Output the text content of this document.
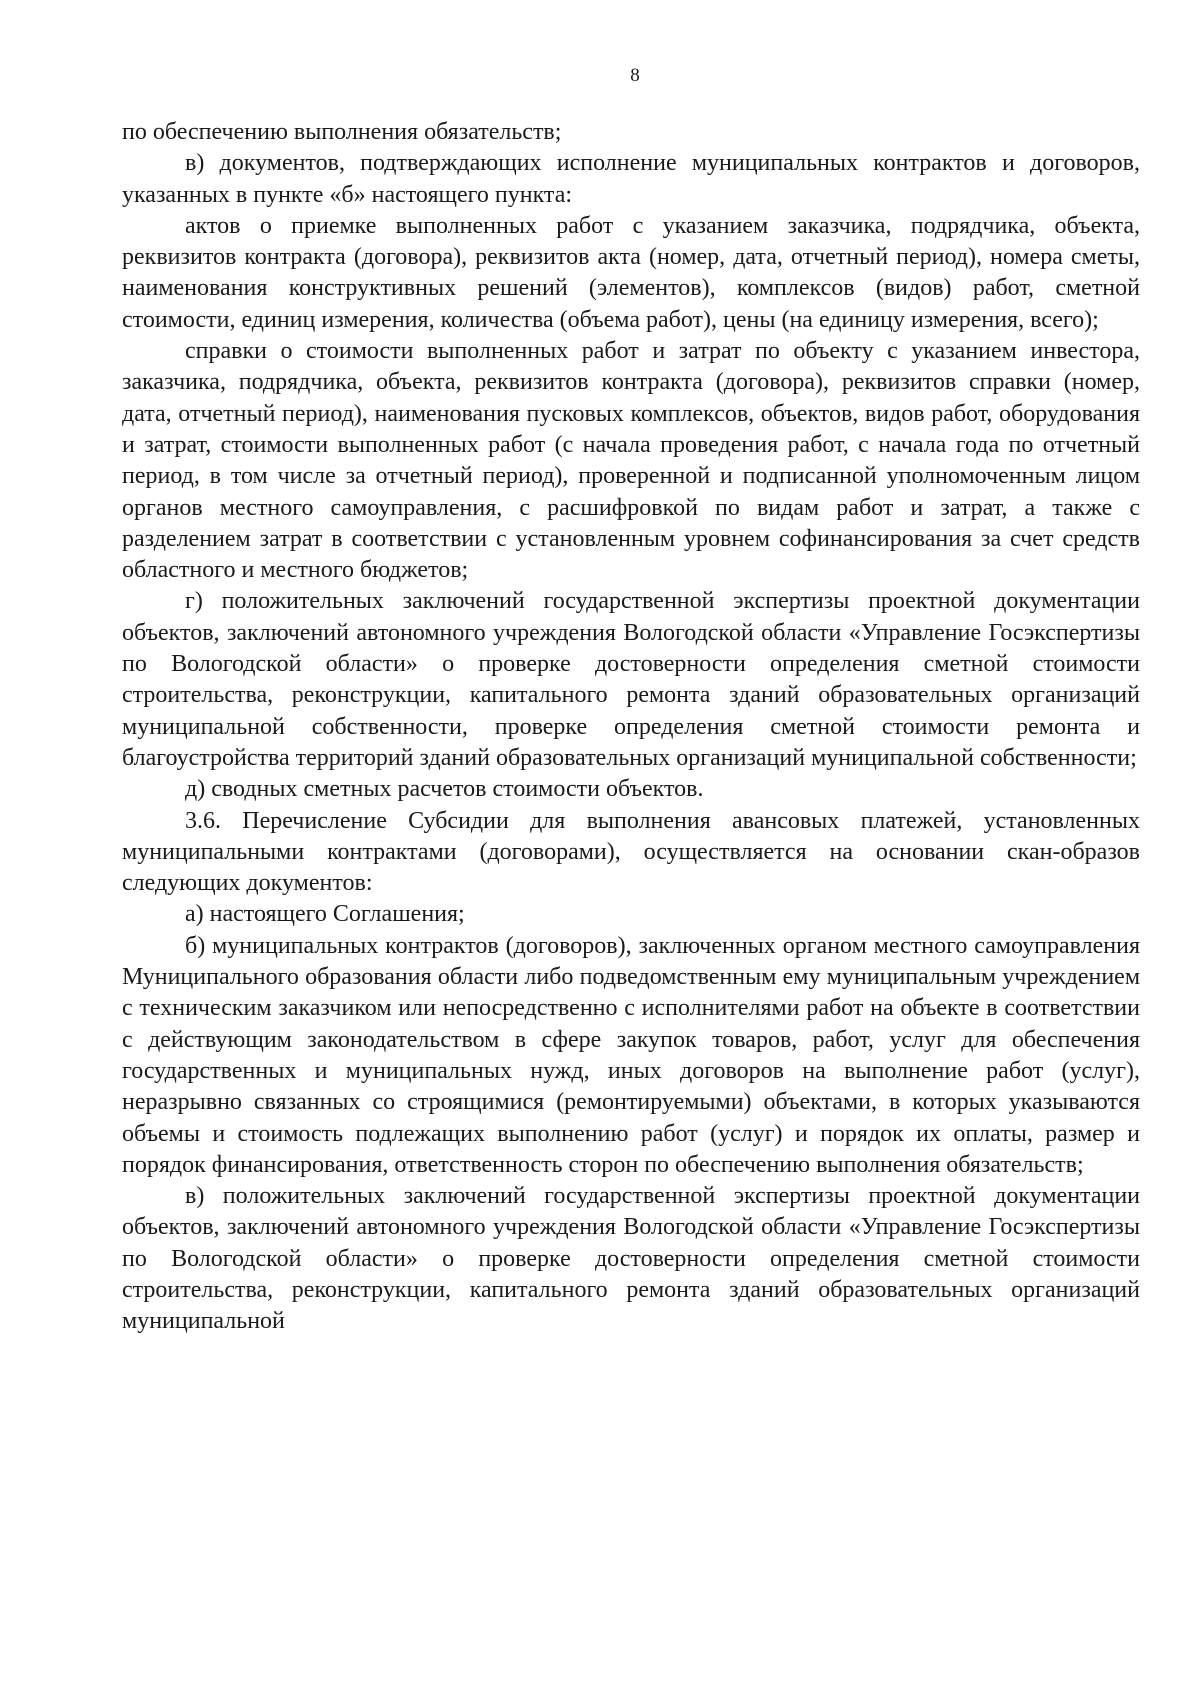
8

по обеспечению выполнения обязательств;

в) документов, подтверждающих исполнение муниципальных контрактов и договоров, указанных в пункте «б» настоящего пункта:

актов о приемке выполненных работ с указанием заказчика, подрядчика, объекта, реквизитов контракта (договора), реквизитов акта (номер, дата, отчетный период), номера сметы, наименования конструктивных решений (элементов), комплексов (видов) работ, сметной стоимости, единиц измерения, количества (объема работ), цены (на единицу измерения, всего);

справки о стоимости выполненных работ и затрат по объекту с указанием инвестора, заказчика, подрядчика, объекта, реквизитов контракта (договора), реквизитов справки (номер, дата, отчетный период), наименования пусковых комплексов, объектов, видов работ, оборудования и затрат, стоимости выполненных работ (с начала проведения работ, с начала года по отчетный период, в том числе за отчетный период), проверенной и подписанной уполномоченным лицом органов местного самоуправления, с расшифровкой по видам работ и затрат, а также с разделением затрат в соответствии с установленным уровнем софинансирования за счет средств областного и местного бюджетов;

г) положительных заключений государственной экспертизы проектной документации объектов, заключений автономного учреждения Вологодской области «Управление Госэкспертизы по Вологодской области» о проверке достоверности определения сметной стоимости строительства, реконструкции, капитального ремонта зданий образовательных организаций муниципальной собственности, проверке определения сметной стоимости ремонта и благоустройства территорий зданий образовательных организаций муниципальной собственности;

д) сводных сметных расчетов стоимости объектов.

3.6. Перечисление Субсидии для выполнения авансовых платежей, установленных муниципальными контрактами (договорами), осуществляется на основании скан-образов следующих документов:

а) настоящего Соглашения;

б) муниципальных контрактов (договоров), заключенных органом местного самоуправления Муниципального образования области либо подведомственным ему муниципальным учреждением с техническим заказчиком или непосредственно с исполнителями работ на объекте в соответствии с действующим законодательством в сфере закупок товаров, работ, услуг для обеспечения государственных и муниципальных нужд, иных договоров на выполнение работ (услуг), неразрывно связанных со строящимися (ремонтируемыми) объектами, в которых указываются объемы и стоимость подлежащих выполнению работ (услуг) и порядок их оплаты, размер и порядок финансирования, ответственность сторон по обеспечению выполнения обязательств;

в) положительных заключений государственной экспертизы проектной документации объектов, заключений автономного учреждения Вологодской области «Управление Госэкспертизы по Вологодской области» о проверке достоверности определения сметной стоимости строительства, реконструкции, капитального ремонта зданий образовательных организаций муниципальной
